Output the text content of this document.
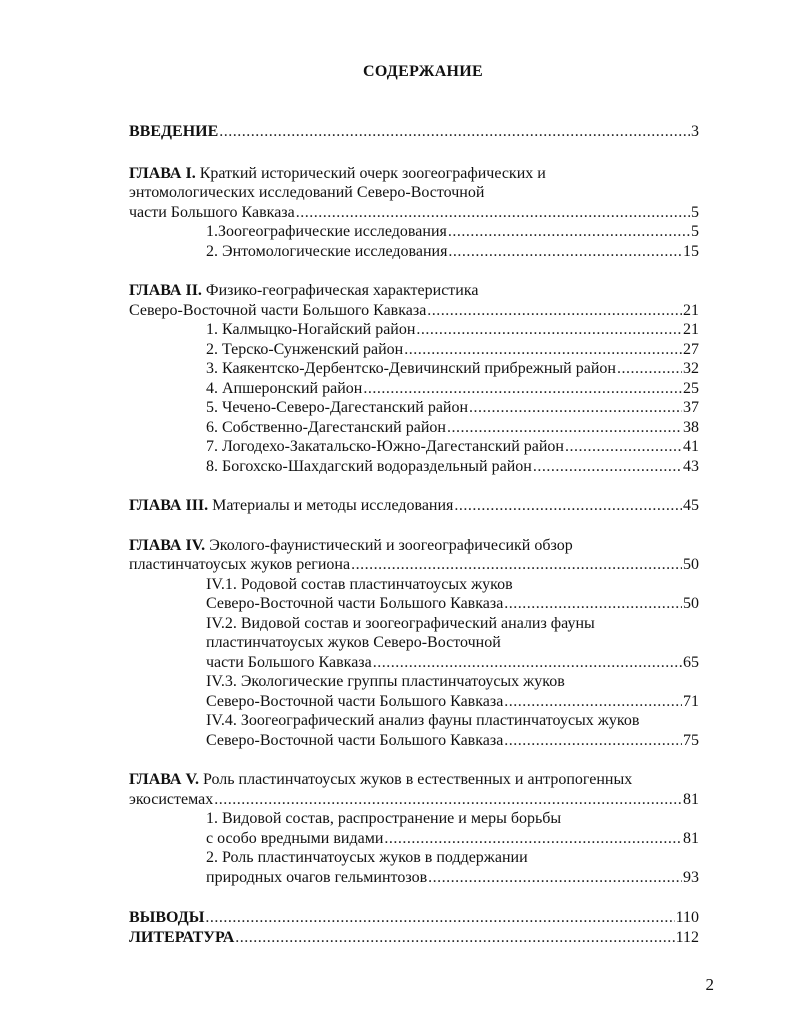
СОДЕРЖАНИЕ
ВВЕДЕНИЕ .....	3
ГЛАВА I. Краткий исторический очерк зоогеографических и
энтомологических исследований Северо-Восточной
части Большого Кавказа .....	5
1.Зоогеографические исследования .....	5
2. Энтомологические исследования .....	15
ГЛАВА II. Физико-географическая характеристика
Северо-Восточной части Большого Кавказа .....	21
1. Калмыцко-Ногайский район .....	21
2. Терско-Сунженский район .....	27
3. Каякентско-Дербентско-Девичинский прибрежный район .....	32
4. Апшеронский район .....	25
5. Чечено-Северо-Дагестанский район .....	37
6. Собственно-Дагестанский район .....	38
7. Логодехо-Закатальско-Южно-Дагестанский район .....	41
8. Богохско-Шахдагский водораздельный район .....	43
ГЛАВА III. Материалы и методы исследования .....	45
ГЛАВА IV. Эколого-фаунистический и зоогеографичесикй обзор
пластинчатоусых жуков региона .....	50
IV.1. Родовой состав пластинчатоусых жуков
Северо-Восточной части Большого Кавказа .....	50
IV.2. Видовой состав и зоогеографический анализ фауны
пластинчатоусых жуков Северо-Восточной
части Большого Кавказа .....	65
IV.3. Экологические группы пластинчатоусых жуков
Северо-Восточной части Большого Кавказа .....	71
IV.4. Зоогеографический анализ фауны пластинчатоусых жуков
Северо-Восточной части Большого Кавказа .....	75
ГЛАВА V. Роль пластинчатоусых жуков в естественных и антропогенных
экосистемах .....	81
1. Видовой состав, распространение и меры борьбы
с особо вредными видами .....	81
2. Роль пластинчатоусых жуков в поддержании
природных очагов гельминтозов .....	93
ВЫВОДЫ .....	110
ЛИТЕРАТУРА .....	112
2
